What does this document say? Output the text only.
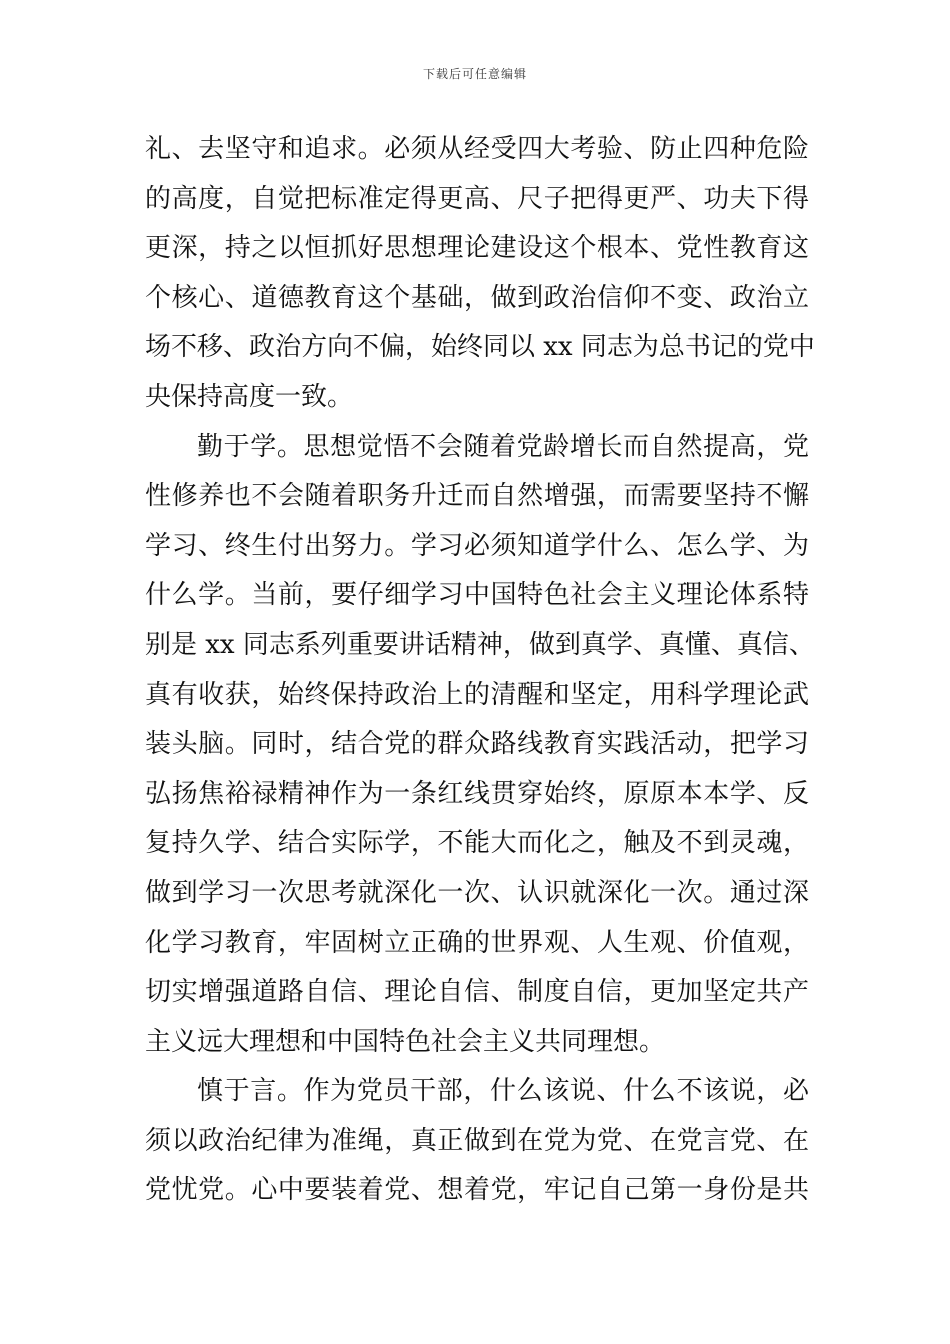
下载后可任意编辑
礼、去坚守和追求。必须从经受四大考验、防止四种危险
的高度，自觉把标准定得更高、尺子把得更严、功夫下得
更深，持之以恒抓好思想理论建设这个根本、党性教育这
个核心、道德教育这个基础，做到政治信仰不变、政治立
场不移、政治方向不偏，始终同以 xx 同志为总书记的党中
央保持高度一致。
勤于学。思想觉悟不会随着党龄增长而自然提高，党
性修养也不会随着职务升迁而自然增强，而需要坚持不懈
学习、终生付出努力。学习必须知道学什么、怎么学、为
什么学。当前，要仔细学习中国特色社会主义理论体系特
别是 xx 同志系列重要讲话精神，做到真学、真懂、真信、
真有收获，始终保持政治上的清醒和坚定，用科学理论武
装头脑。同时，结合党的群众路线教育实践活动，把学习
弘扬焦裕禄精神作为一条红线贯穿始终，原原本本学、反
复持久学、结合实际学，不能大而化之，触及不到灵魂，
做到学习一次思考就深化一次、认识就深化一次。通过深
化学习教育，牢固树立正确的世界观、人生观、价值观，
切实增强道路自信、理论自信、制度自信，更加坚定共产
主义远大理想和中国特色社会主义共同理想。
慎于言。作为党员干部，什么该说、什么不该说，必
须以政治纪律为准绳，真正做到在党为党、在党言党、在
党忧党。心中要装着党、想着党，牢记自己第一身份是共
